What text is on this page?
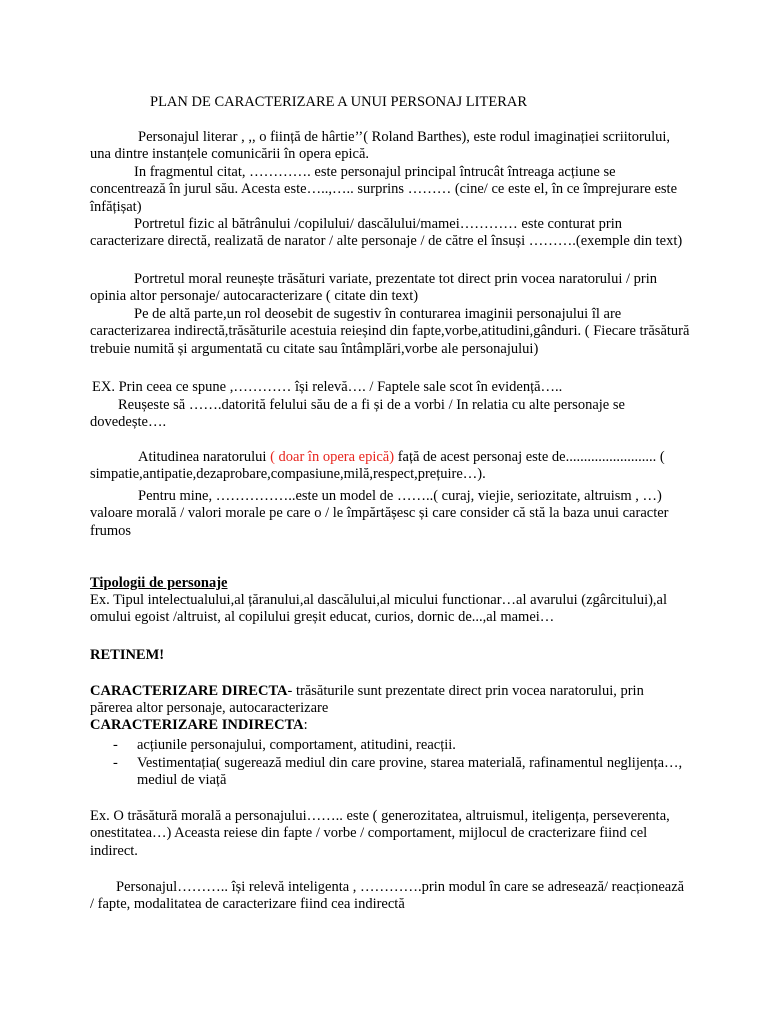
PLAN DE CARACTERIZARE A UNUI PERSONAJ LITERAR

Personajul literar , ,, o ființă de hârtie’’( Roland Barthes), este rodul imaginației scriitorului, una dintre instanțele comunicării în opera epică.

In fragmentul citat, …………. este personajul principal întrucât întreaga acțiune se concentrează în jurul său. Acesta este…..,….. surprins ……… (cine/ ce este el, în ce împrejurare este înfățișat)

Portretul fizic al bătrânului /copilului/ dascălului/mamei………… este conturat prin caracterizare directă, realizată de narator / alte personaje / de către el însuși ……….(exemple din text)

Portretul moral reunește trăsături variate, prezentate tot direct prin vocea naratorului / prin opinia altor personaje/ autocaracterizare ( citate din text)

Pe de altă parte,un rol deosebit de sugestiv în conturarea imaginii personajului îl are caracterizarea indirectă,trăsăturile acestuia reieșind din fapte,vorbe,atitudini,gânduri. ( Fiecare trăsătură trebuie numită și argumentată cu citate sau întâmplări,vorbe ale personajului)

EX. Prin ceea ce spune ,………… își relevă…. / Faptele sale scot în evidență…..

Reușeste să …….datorită felului său de a fi și de a vorbi / In relatia cu alte personaje se dovedește….

Atitudinea naratorului ( doar în opera epică) față de acest personaj este de......................... ( simpatie,antipatie,dezaprobare,compasiune,milă,respect,prețuire…).

Pentru mine, ……………..este un model de ……..( curaj, viejie, seriozitate, altruism , …) valoare morală / valori morale pe care o / le împărtășesc și care consider că stă la baza unui caracter frumos

Tipologii de personaje

Ex. Tipul intelectualului,al țăranului,al dascălului,al micului functionar…al avarului (zgârcitului),al omului egoist /altruist, al copilului greșit educat, curios, dornic de...,al mamei…

RETINEM!

CARACTERIZARE DIRECTA- trăsăturile sunt prezentate direct prin vocea naratorului, prin părerea altor personaje, autocaracterizare

CARACTERIZARE INDIRECTA:

- acțiunile personajului, comportament, atitudini, reacții.
- Vestimentația( sugerează mediul din care provine, starea materială, rafinamentul neglijența…, mediul de viață

Ex. O trăsătură morală a personajului…….. este ( generozitatea, altruismul, iteligența, perseverenta, onestitatea…) Aceasta reiese din fapte / vorbe / comportament, mijlocul de cracterizare fiind cel indirect.

Personajul……….. își relevă inteligenta , ………….prin modul în care se adresează/ reacționează / fapte, modalitatea de caracterizare fiind cea indirectă
